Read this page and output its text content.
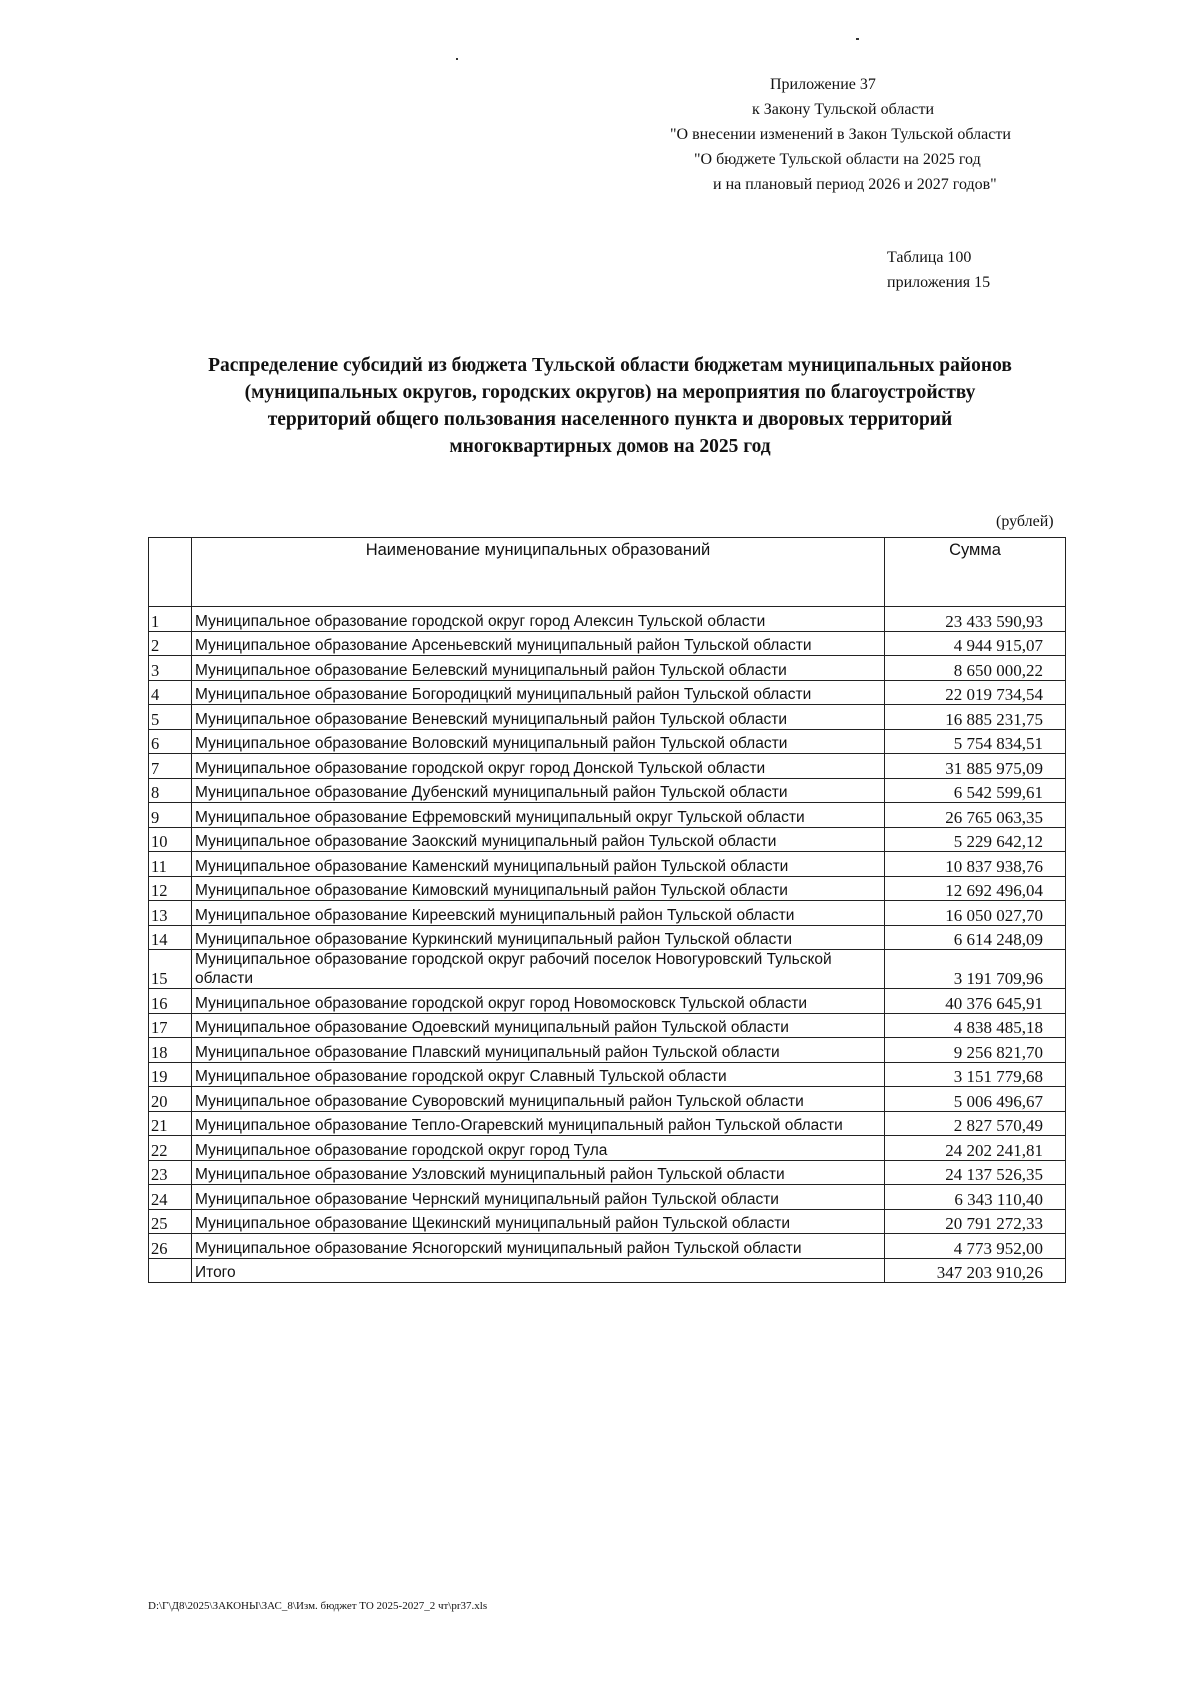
Приложение 37
к Закону Тульской области
"О внесении изменений в Закон Тульской области
"О бюджете Тульской области на 2025 год
и на плановый период 2026 и 2027 годов"
Таблица 100
приложения 15
Распределение субсидий из бюджета Тульской области бюджетам муниципальных районов
(муниципальных округов, городских округов) на мероприятия по благоустройству
территорий общего пользования населенного пункта и дворовых территорий
многоквартирных домов на 2025 год
(рублей)
	Наименование муниципальных образований	Сумма
1	Муниципальное образование городской округ город Алексин Тульской области	23 433 590,93
2	Муниципальное образование Арсеньевский муниципальный район Тульской области	4 944 915,07
3	Муниципальное образование Белевский муниципальный район Тульской области	8 650 000,22
4	Муниципальное образование Богородицкий муниципальный район Тульской области	22 019 734,54
5	Муниципальное образование Веневский муниципальный район Тульской области	16 885 231,75
6	Муниципальное образование Воловский муниципальный район Тульской области	5 754 834,51
7	Муниципальное образование городской округ город Донской Тульской области	31 885 975,09
8	Муниципальное образование Дубенский муниципальный район Тульской области	6 542 599,61
9	Муниципальное образование Ефремовский муниципальный округ Тульской области	26 765 063,35
10	Муниципальное образование Заокский муниципальный район Тульской области	5 229 642,12
11	Муниципальное образование Каменский муниципальный район Тульской области	10 837 938,76
12	Муниципальное образование Кимовский муниципальный район Тульской области	12 692 496,04
13	Муниципальное образование Киреевский муниципальный район Тульской области	16 050 027,70
14	Муниципальное образование Куркинский муниципальный район Тульской области	6 614 248,09
15	Муниципальное образование городской округ рабочий поселок Новогуровский Тульской области	3 191 709,96
16	Муниципальное образование городской округ город Новомосковск Тульской области	40 376 645,91
17	Муниципальное образование Одоевский муниципальный район Тульской области	4 838 485,18
18	Муниципальное образование Плавский муниципальный район Тульской области	9 256 821,70
19	Муниципальное образование городской округ Славный Тульской области	3 151 779,68
20	Муниципальное образование Суворовский муниципальный район Тульской области	5 006 496,67
21	Муниципальное образование Тепло-Огаревский муниципальный район Тульской области	2 827 570,49
22	Муниципальное образование городской округ город Тула	24 202 241,81
23	Муниципальное образование Узловский муниципальный район Тульской области	24 137 526,35
24	Муниципальное образование Чернский муниципальный район Тульской области	6 343 110,40
25	Муниципальное образование Щекинский муниципальный район Тульской области	20 791 272,33
26	Муниципальное образование Ясногорский муниципальный район Тульской области	4 773 952,00
	Итого	347 203 910,26
D:\Г\Д8\2025\ЗАКОНЫ\ЗАС_8\Изм. бюджет ТО 2025-2027_2 чт\pr37.xls
